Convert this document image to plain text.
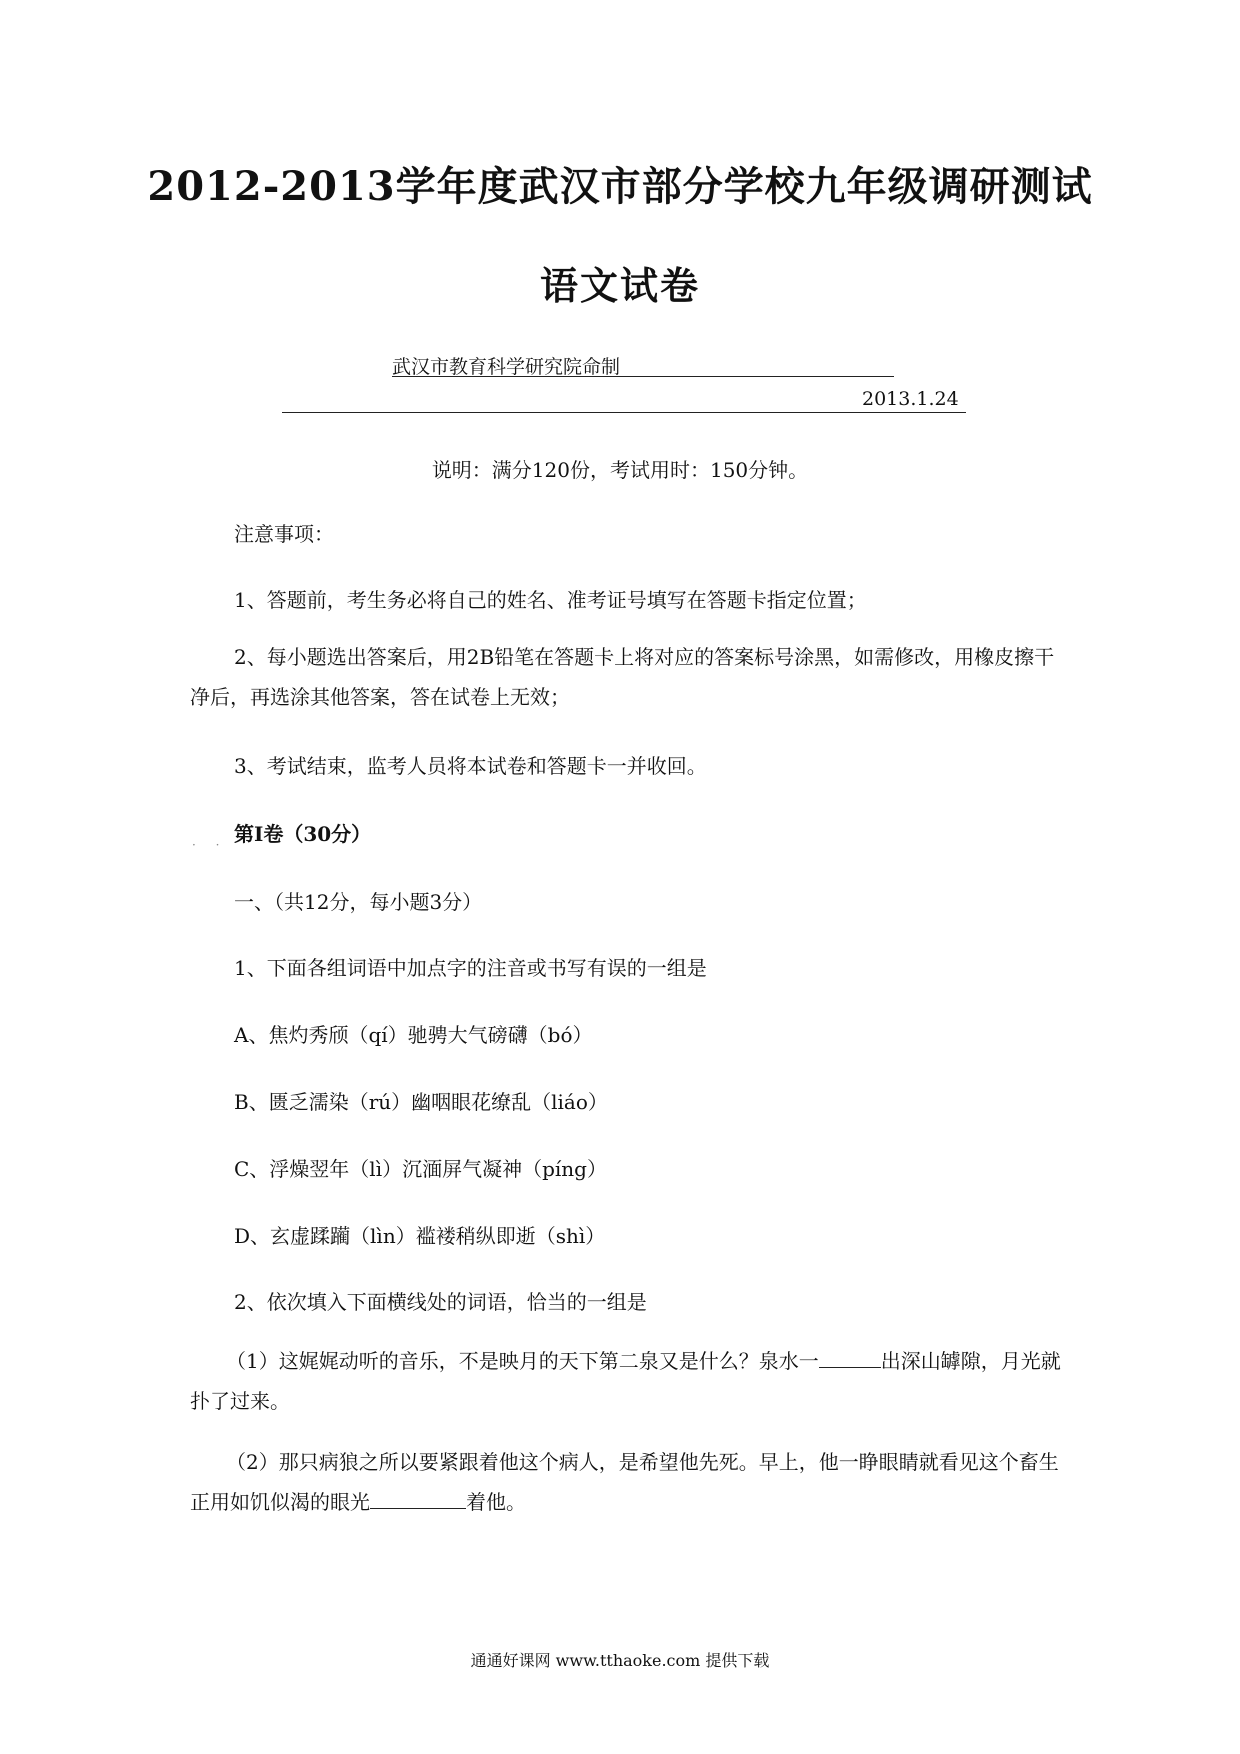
2012-2013学年度武汉市部分学校九年级调研测试
语文试卷
武汉市教育科学研究院命制
2013.1.24
说明：满分120份，考试用时：150分钟。
注意事项：
1、答题前，考生务必将自己的姓名、准考证号填写在答题卡指定位置；
2、每小题选出答案后，用2B铅笔在答题卡上将对应的答案标号涂黑，如需修改，用橡皮擦干净后，再选涂其他答案，答在试卷上无效；
3、考试结束，监考人员将本试卷和答题卡一并收回。
· · 第Ⅰ卷（30分）
一、（共12分，每小题3分）
1、下面各组词语中加点字的注音或书写有误的一组是
A、焦灼秀颀（qí）驰骋大气磅礴（bó）
B、匮乏濡染（rú）幽咽眼花缭乱（liáo）
C、浮燥翌年（lì）沉湎屏气凝神（píng）
D、玄虚蹂躏（lìn）褴褛稍纵即逝（shì）
2、依次填入下面横线处的词语，恰当的一组是
（1）这娓娓动听的音乐，不是映月的天下第二泉又是什么？泉水一	出深山罅隙，月光就扑了过来。
（2）那只病狼之所以要紧跟着他这个病人，是希望他先死。早上，他一睁眼睛就看见这个畜生正用如饥似渴的眼光	着他。
通通好课网 www.tthaoke.com 提供下载
